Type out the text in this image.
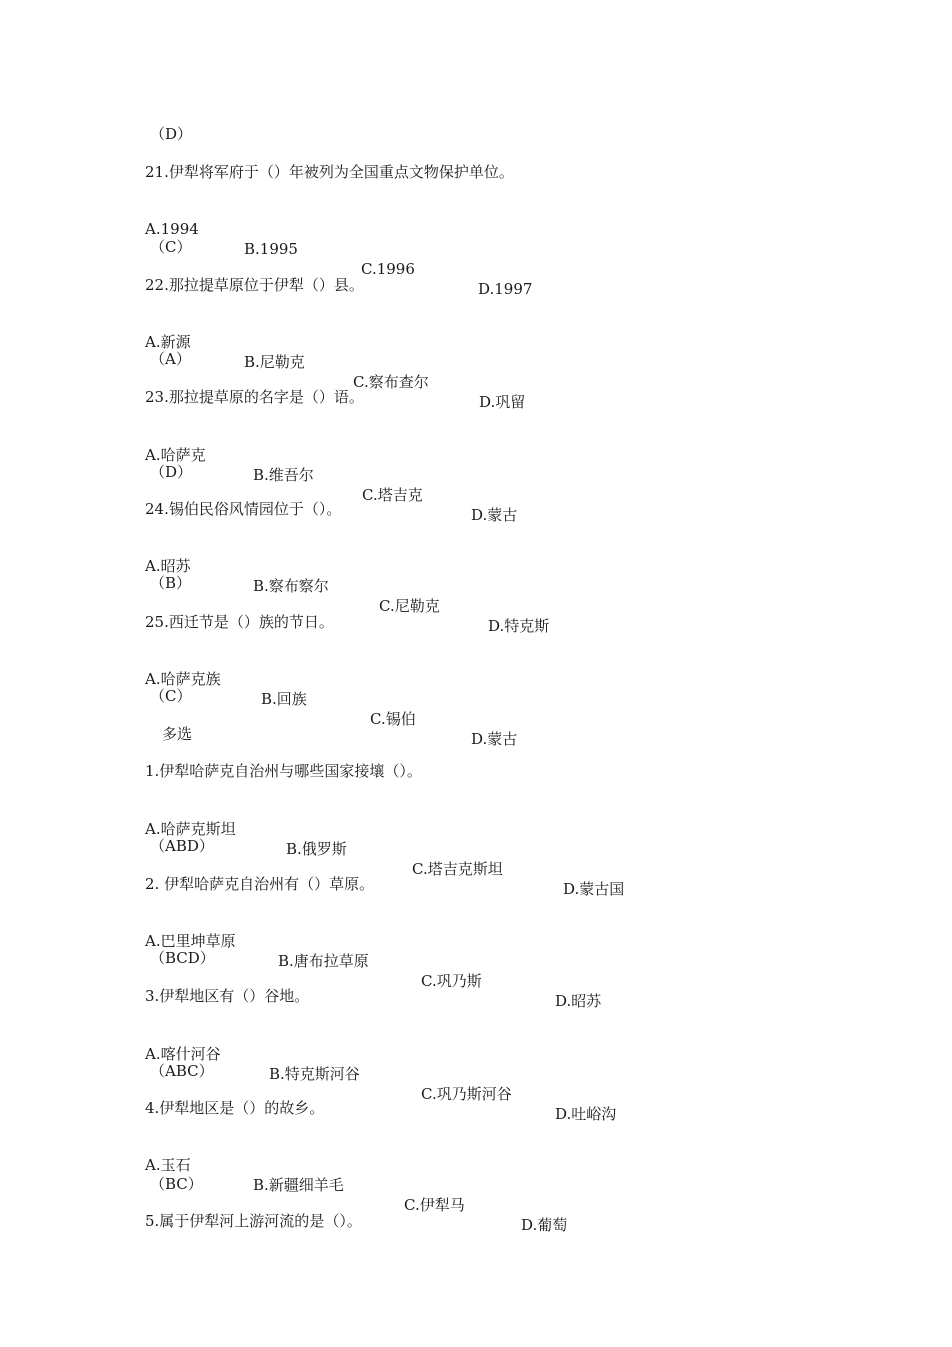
（D）
21.伊犁将军府于（）年被列为全国重点文物保护单位。

A.1994

B.1995

C.1996

D.1997

（C）
22.那拉提草原位于伊犁（）县。

A.新源

B.尼勒克

C.察布查尔

D.巩留

（A）
23.那拉提草原的名字是（）语。

A.哈萨克

B.维吾尔

C.塔吉克

D.蒙古

（D）
24.锡伯民俗风情园位于（）。

A.昭苏

B.察布察尔

C.尼勒克

D.特克斯

（B）
25.西迁节是（）族的节日。

A.哈萨克族

B.回族

C.锡伯

D.蒙古

（C）
多选
1.伊犁哈萨克自治州与哪些国家接壤（）。

A.哈萨克斯坦

B.俄罗斯

C.塔吉克斯坦

D.蒙古国

（ABD）
2. 伊犁哈萨克自治州有（）草原。

A.巴里坤草原

B.唐布拉草原

C.巩乃斯

D.昭苏

（BCD）
3.伊犁地区有（）谷地。

A.喀什河谷

B.特克斯河谷

C.巩乃斯河谷

D.吐峪沟

（ABC）
4.伊犁地区是（）的故乡。

A.玉石

B.新疆细羊毛

C.伊犁马

D.葡萄

（BC）
5.属于伊犁河上游河流的是（）。
